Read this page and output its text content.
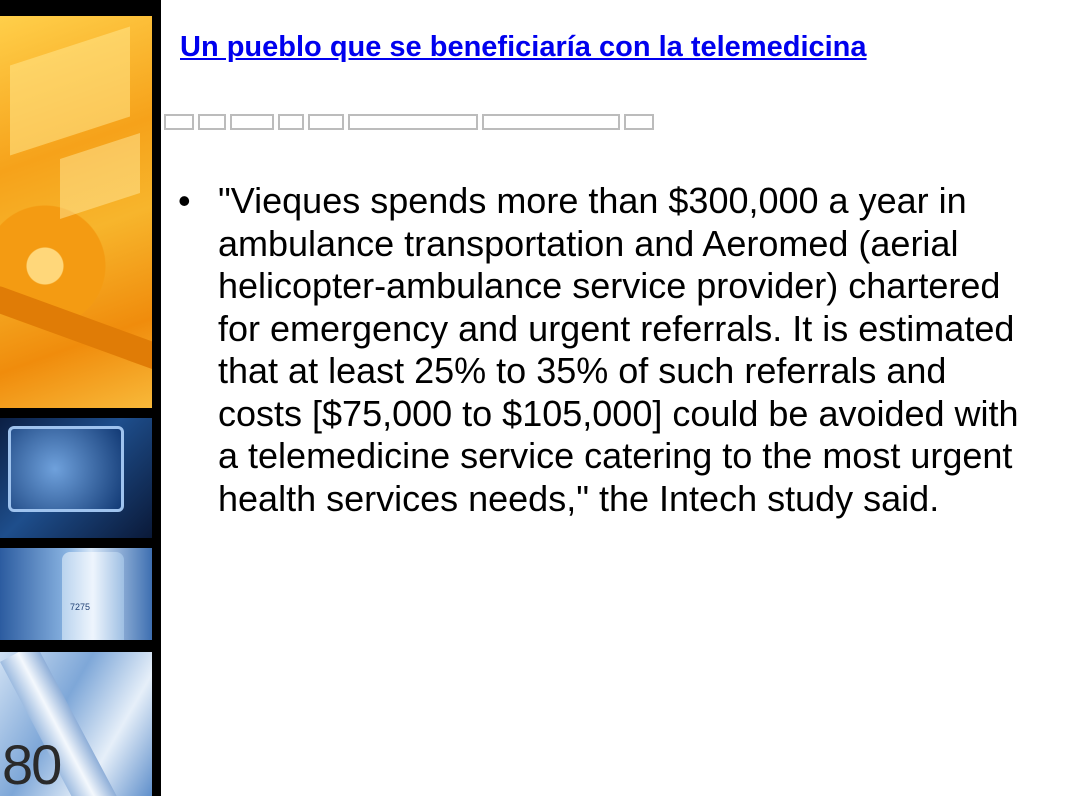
7275
80
Un pueblo que se beneficiaría con la telemedicina
• "Vieques spends more than $300,000 a year in ambulance transportation and Aeromed (aerial helicopter-ambulance service provider) chartered for emergency and urgent referrals. It is estimated that at least 25% to 35% of such referrals and costs [$75,000 to $105,000] could be avoided with a telemedicine service catering to the most urgent health services needs," the Intech study said.
